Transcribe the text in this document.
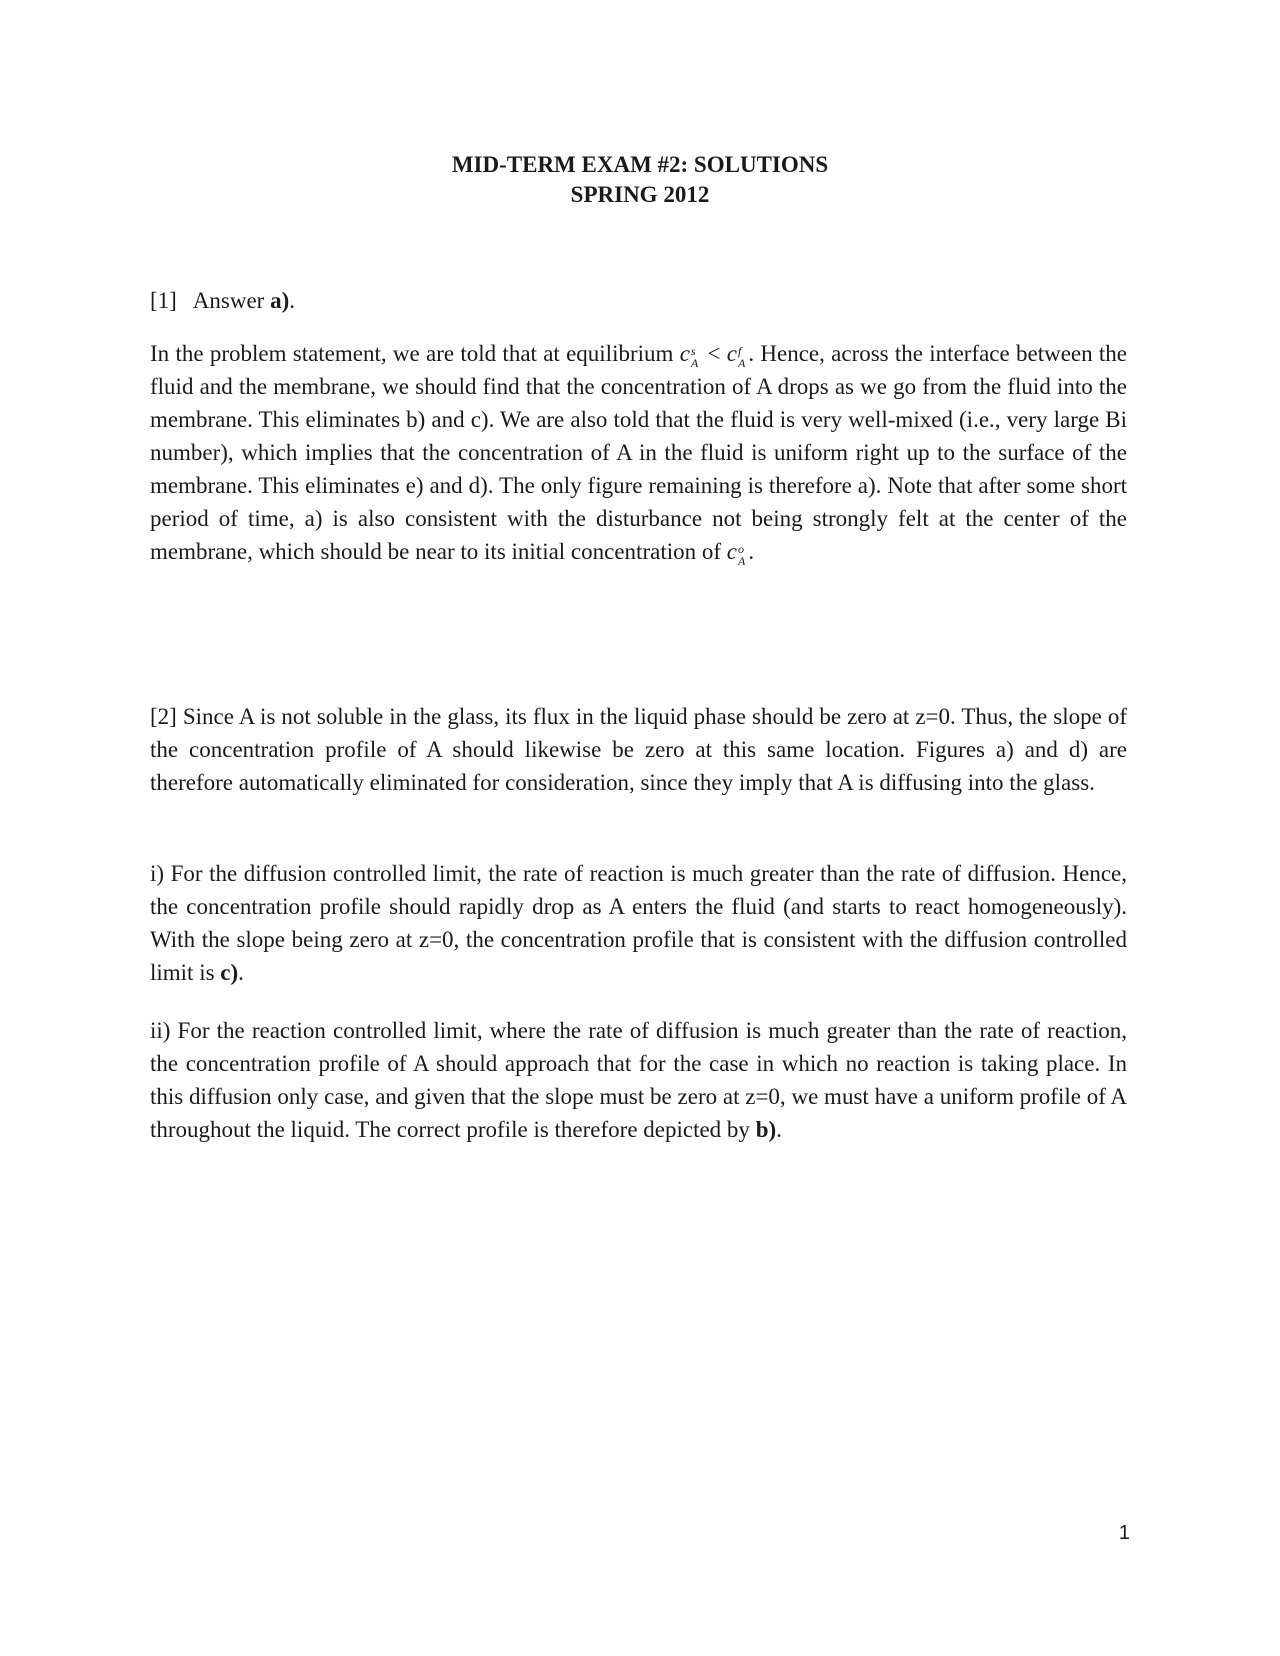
MID-TERM EXAM #2: SOLUTIONS
SPRING 2012

[1]   Answer a).

In the problem statement, we are told that at equilibrium c s
A < c f
A . Hence, across the interface between the fluid and the membrane, we should find that the concentration of A drops as we go from the fluid into the membrane. This eliminates b) and c). We are also told that the fluid is very well-mixed (i.e., very large Bi number), which implies that the concentration of A in the fluid is uniform right up to the surface of the membrane. This eliminates e) and d). The only figure remaining is therefore a). Note that after some short period of time, a) is also consistent with the disturbance not being strongly felt at the center of the membrane, which should be near to its initial concentration of c o
A .

[2] Since A is not soluble in the glass, its flux in the liquid phase should be zero at z=0. Thus, the slope of the concentration profile of A should likewise be zero at this same location. Figures a) and d) are therefore automatically eliminated for consideration, since they imply that A is diffusing into the glass.

i) For the diffusion controlled limit, the rate of reaction is much greater than the rate of diffusion. Hence, the concentration profile should rapidly drop as A enters the fluid (and starts to react homogeneously). With the slope being zero at z=0, the concentration profile that is consistent with the diffusion controlled limit is c).

ii) For the reaction controlled limit, where the rate of diffusion is much greater than the rate of reaction, the concentration profile of A should approach that for the case in which no reaction is taking place. In this diffusion only case, and given that the slope must be zero at z=0, we must have a uniform profile of A throughout the liquid. The correct profile is therefore depicted by b).

1
